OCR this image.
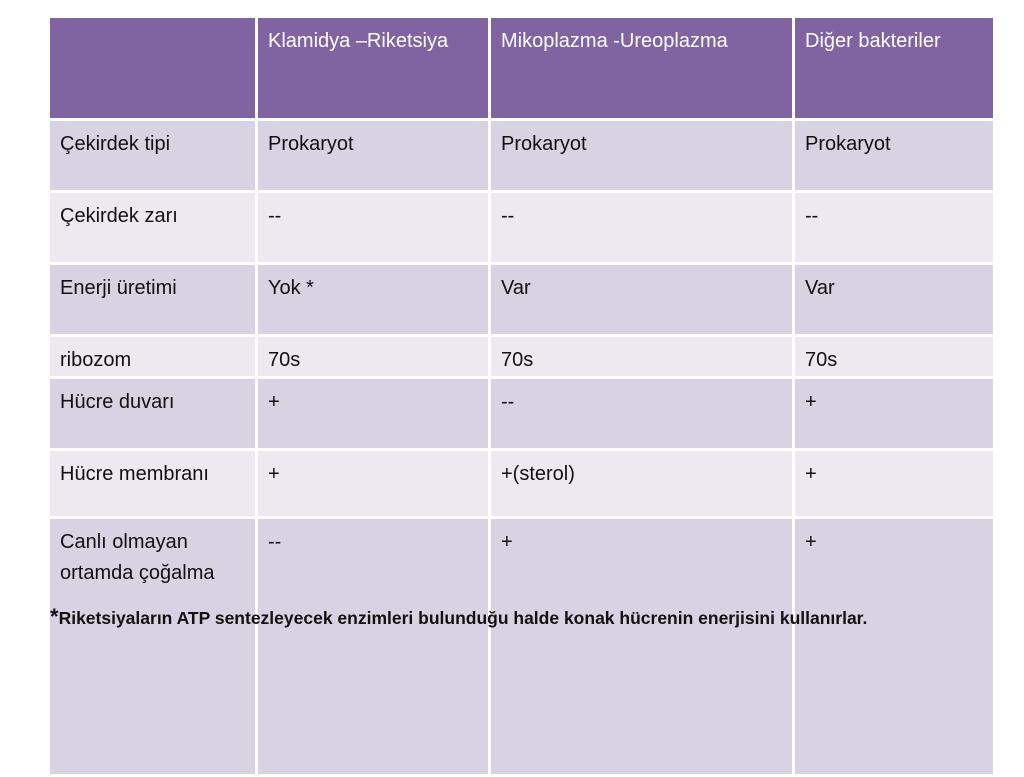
	Klamidya –Riketsiya	Mikoplazma -Ureoplazma	Diğer bakteriler
Çekirdek tipi	Prokaryot	Prokaryot	Prokaryot
Çekirdek zarı	--	--	--
Enerji üretimi	Yok *	Var	Var
ribozom	70s	70s	70s
Hücre duvarı	+	--	+
Hücre membranı	+	+(sterol)	+
Canlı olmayan ortamda çoğalma	--	+	+
*Riketsiyaların ATP sentezleyecek enzimleri bulunduğu halde konak hücrenin enerjisini kullanırlar.
